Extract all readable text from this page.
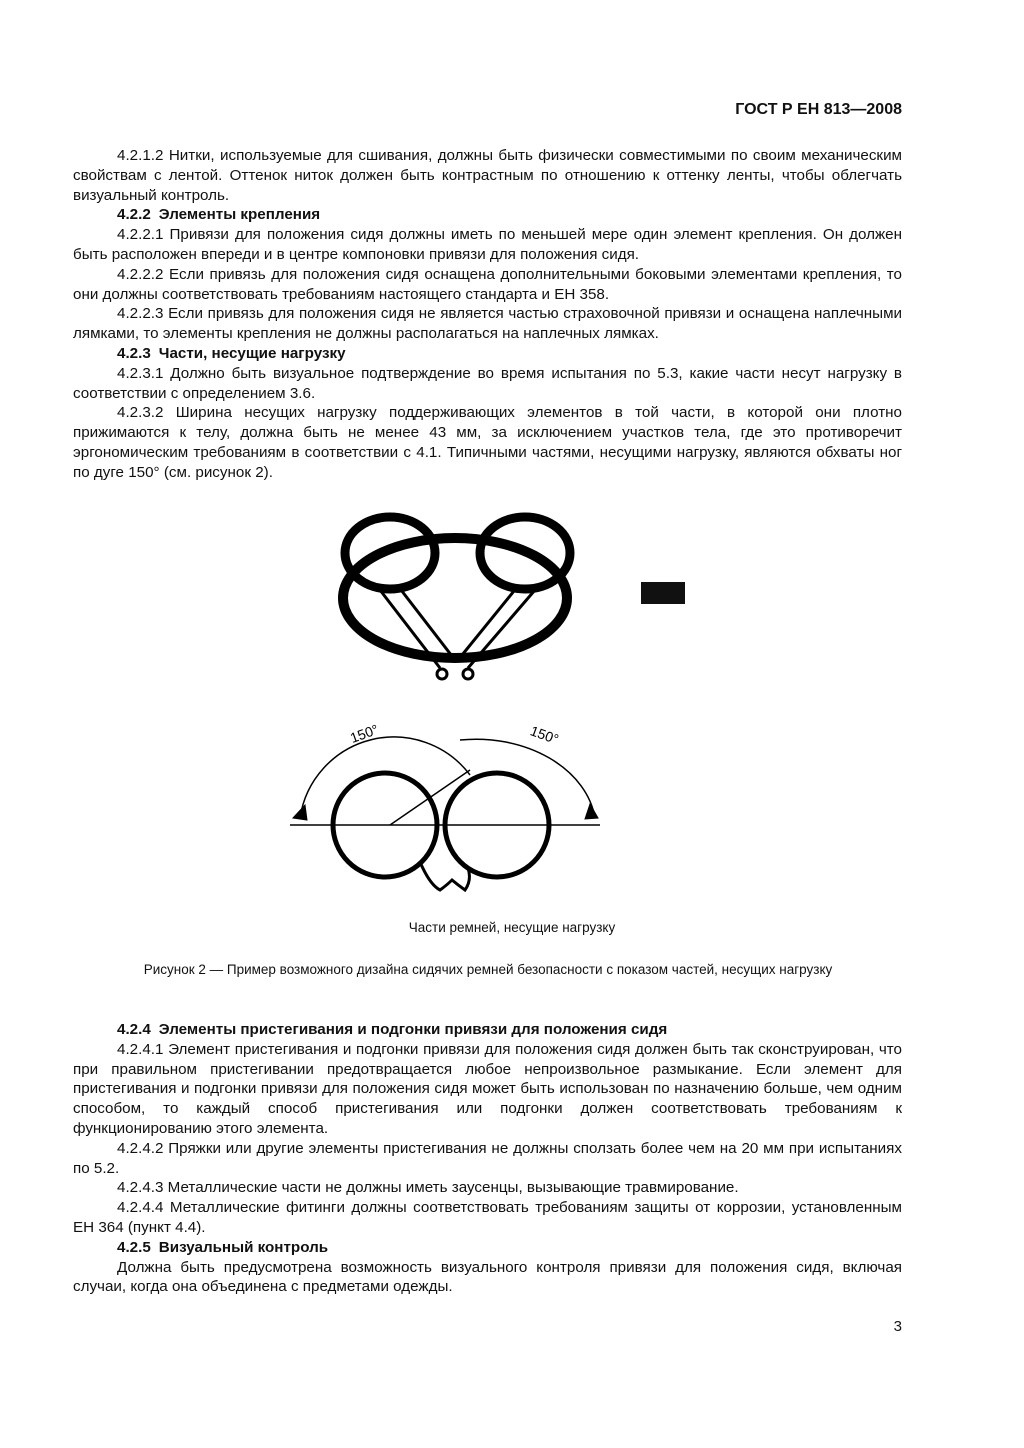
ГОСТ Р ЕН 813—2008

4.2.1.2 Нитки, используемые для сшивания, должны быть физически совместимыми по своим механическим свойствам с лентой. Оттенок ниток должен быть контрастным по отношению к оттенку ленты, чтобы облегчать визуальный контроль.

4.2.2 Элементы крепления

4.2.2.1 Привязи для положения сидя должны иметь по меньшей мере один элемент крепления. Он должен быть расположен впереди и в центре компоновки привязи для положения сидя.

4.2.2.2 Если привязь для положения сидя оснащена дополнительными боковыми элементами крепления, то они должны соответствовать требованиям настоящего стандарта и ЕН 358.

4.2.2.3 Если привязь для положения сидя не является частью страховочной привязи и оснащена наплечными лямками, то элементы крепления не должны располагаться на наплечных лямках.

4.2.3 Части, несущие нагрузку

4.2.3.1 Должно быть визуальное подтверждение во время испытания по 5.3, какие части несут нагрузку в соответствии с определением 3.6.

4.2.3.2 Ширина несущих нагрузку поддерживающих элементов в той части, в которой они плотно прижимаются к телу, должна быть не менее 43 мм, за исключением участков тела, где это противоречит эргономическим требованиям в соответствии с 4.1. Типичными частями, несущими нагрузку, являются обхваты ног по дуге 150° (см. рисунок 2).

150°	150°
Части ремней, несущие нагрузку
Рисунок 2 — Пример возможного дизайна сидячих ремней безопасности с показом частей, несущих нагрузку

4.2.4 Элементы пристегивания и подгонки привязи для положения сидя

4.2.4.1 Элемент пристегивания и подгонки привязи для положения сидя должен быть так сконструирован, что при правильном пристегивании предотвращается любое непроизвольное размыкание. Если элемент для пристегивания и подгонки привязи для положения сидя может быть использован по назначению больше, чем одним способом, то каждый способ пристегивания или подгонки должен соответствовать требованиям к функционированию этого элемента.

4.2.4.2 Пряжки или другие элементы пристегивания не должны сползать более чем на 20 мм при испытаниях по 5.2.

4.2.4.3 Металлические части не должны иметь заусенцы, вызывающие травмирование.

4.2.4.4 Металлические фитинги должны соответствовать требованиям защиты от коррозии, установленным ЕН 364 (пункт 4.4).

4.2.5 Визуальный контроль

Должна быть предусмотрена возможность визуального контроля привязи для положения сидя, включая случаи, когда она объединена с предметами одежды.

3
